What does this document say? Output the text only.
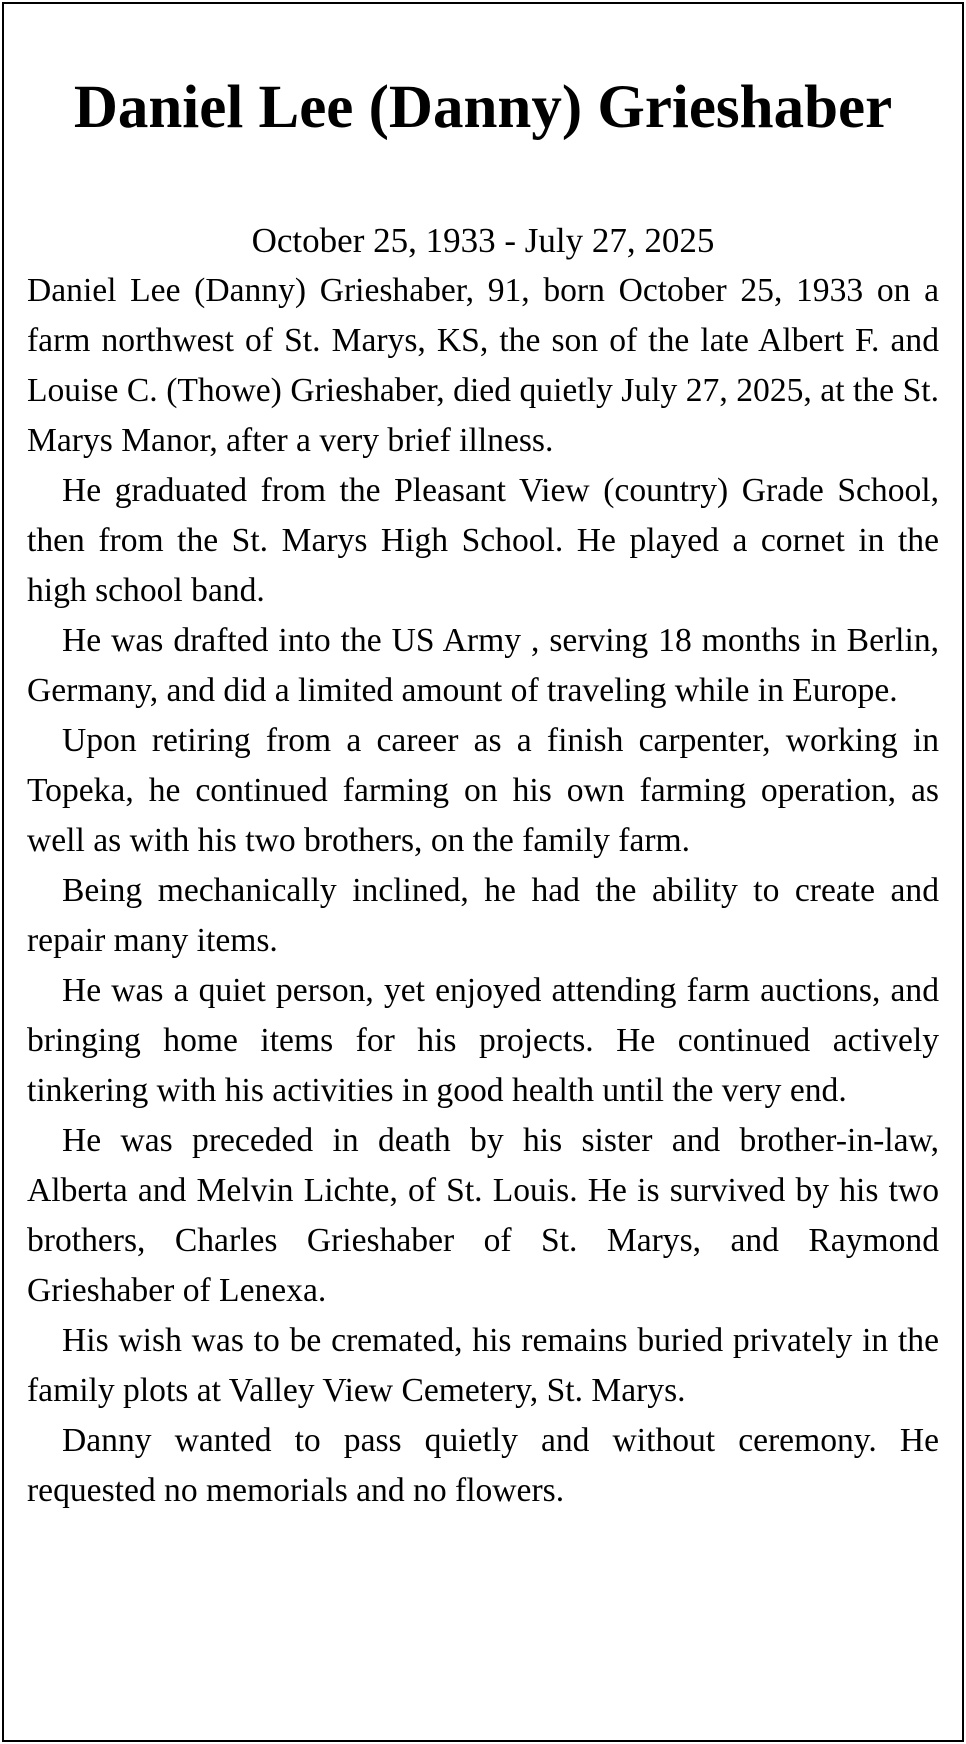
Daniel Lee (Danny) Grieshaber
October 25, 1933 - July 27, 2025

Daniel Lee (Danny) Grieshaber, 91, born October 25, 1933 on a farm northwest of St. Marys, KS, the son of the late Albert F. and Louise C. (Thowe) Grieshaber, died quietly July 27, 2025, at the St. Marys Manor, after a very brief illness.

He graduated from the Pleasant View (country) Grade School, then from the St. Marys High School. He played a cornet in the high school band.

He was drafted into the US Army , serving 18 months in Berlin, Germany, and did a limited amount of traveling while in Europe.

Upon retiring from a career as a finish carpenter, working in Topeka, he continued farming on his own farming operation, as well as with his two brothers, on the family farm.

Being mechanically inclined, he had the ability to create and repair many items.

He was a quiet person, yet enjoyed attending farm auctions, and bringing home items for his projects. He continued actively tinkering with his activities in good health until the very end.

He was preceded in death by his sister and brother-in-law, Alberta and Melvin Lichte, of St. Louis. He is survived by his two brothers, Charles Grieshaber of St. Marys, and Raymond Grieshaber of Lenexa.

His wish was to be cremated, his remains buried privately in the family plots at Valley View Cemetery, St. Marys.

Danny wanted to pass quietly and without ceremony. He requested no memorials and no flowers.
